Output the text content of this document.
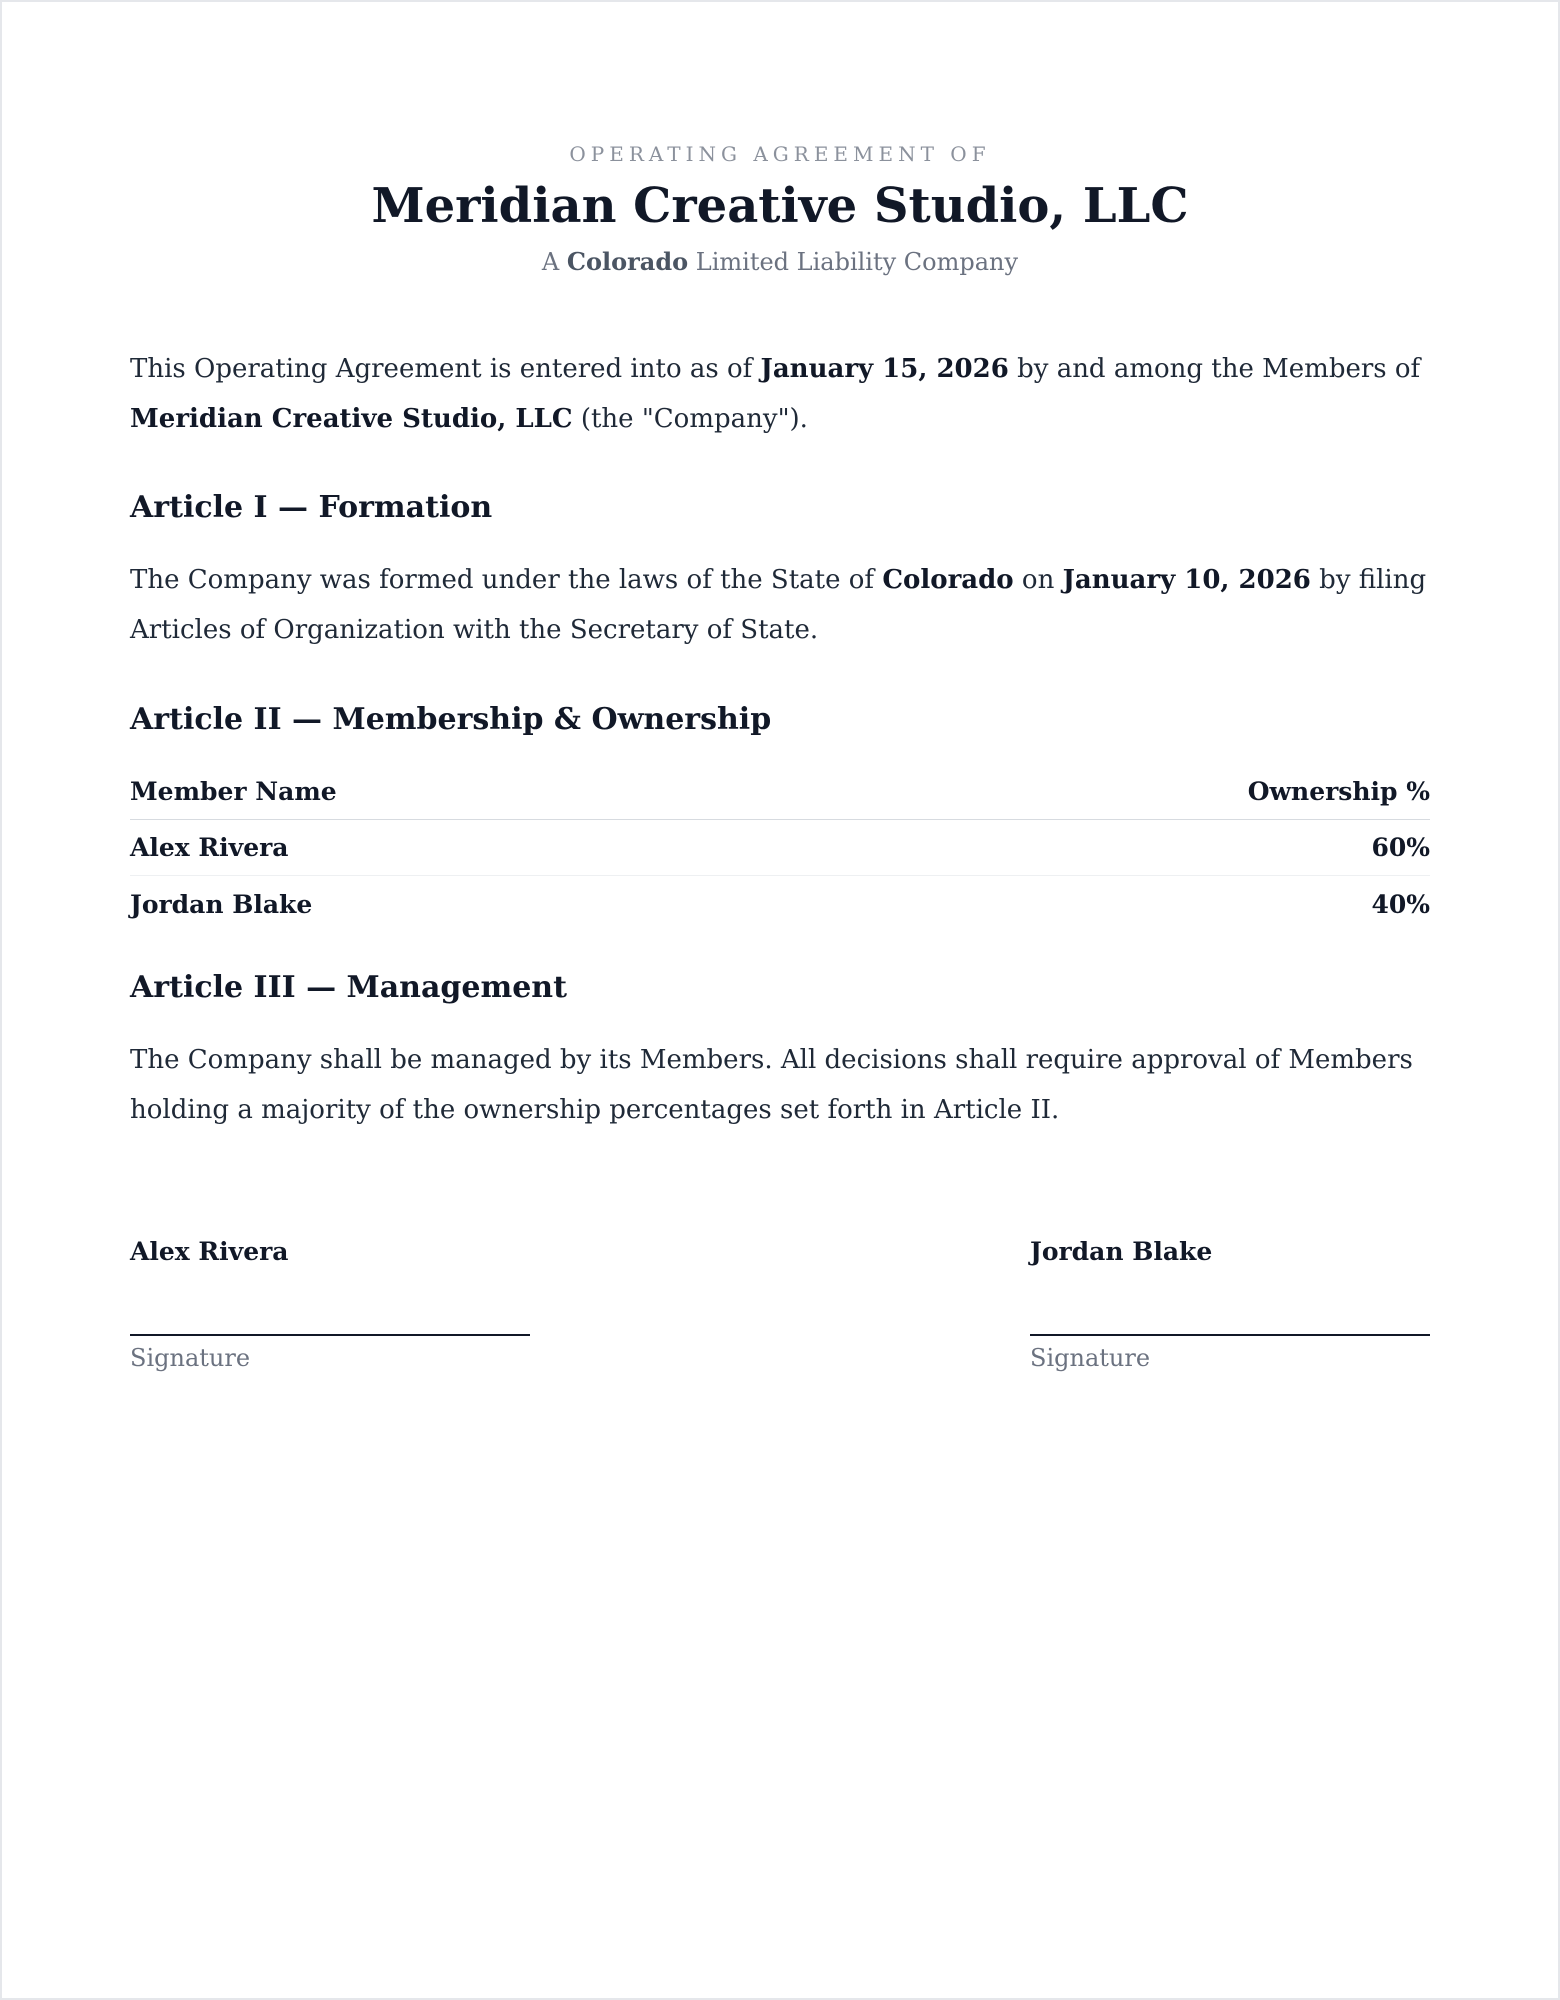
OPERATING AGREEMENT OF
Meridian Creative Studio, LLC
A Colorado Limited Liability Company

This Operating Agreement is entered into as of January 15, 2026 by and among the Members of Meridian Creative Studio, LLC (the "Company").

Article I — Formation

The Company was formed under the laws of the State of Colorado on January 10, 2026 by filing Articles of Organization with the Secretary of State.

Article II — Membership & Ownership
Member Name	Ownership %
Alex Rivera	60%
Jordan Blake	40%
Article III — Management

The Company shall be managed by its Members. All decisions shall require approval of Members holding a majority of the ownership percentages set forth in Article II.

Alex Rivera
Signature
Jordan Blake
Signature
